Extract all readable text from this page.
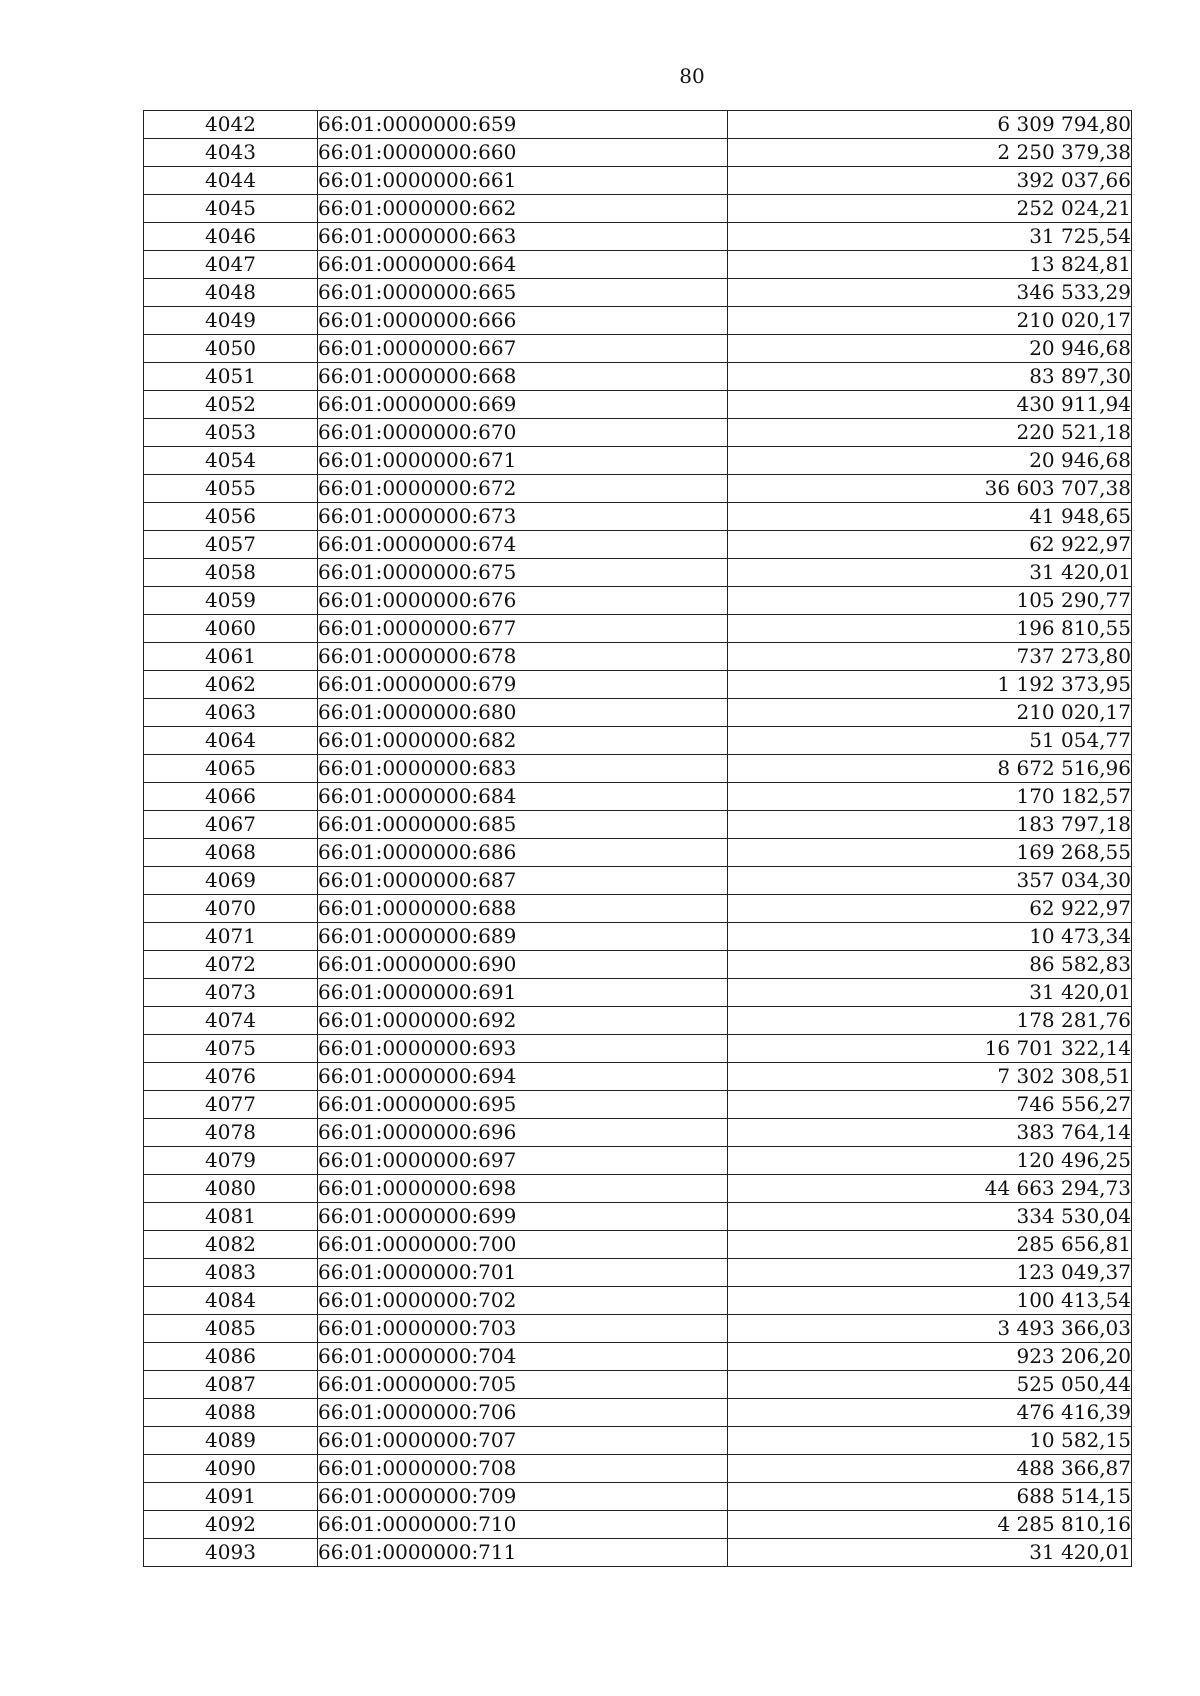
80
4042	66:01:0000000:659	6 309 794,80
4043	66:01:0000000:660	2 250 379,38
4044	66:01:0000000:661	392 037,66
4045	66:01:0000000:662	252 024,21
4046	66:01:0000000:663	31 725,54
4047	66:01:0000000:664	13 824,81
4048	66:01:0000000:665	346 533,29
4049	66:01:0000000:666	210 020,17
4050	66:01:0000000:667	20 946,68
4051	66:01:0000000:668	83 897,30
4052	66:01:0000000:669	430 911,94
4053	66:01:0000000:670	220 521,18
4054	66:01:0000000:671	20 946,68
4055	66:01:0000000:672	36 603 707,38
4056	66:01:0000000:673	41 948,65
4057	66:01:0000000:674	62 922,97
4058	66:01:0000000:675	31 420,01
4059	66:01:0000000:676	105 290,77
4060	66:01:0000000:677	196 810,55
4061	66:01:0000000:678	737 273,80
4062	66:01:0000000:679	1 192 373,95
4063	66:01:0000000:680	210 020,17
4064	66:01:0000000:682	51 054,77
4065	66:01:0000000:683	8 672 516,96
4066	66:01:0000000:684	170 182,57
4067	66:01:0000000:685	183 797,18
4068	66:01:0000000:686	169 268,55
4069	66:01:0000000:687	357 034,30
4070	66:01:0000000:688	62 922,97
4071	66:01:0000000:689	10 473,34
4072	66:01:0000000:690	86 582,83
4073	66:01:0000000:691	31 420,01
4074	66:01:0000000:692	178 281,76
4075	66:01:0000000:693	16 701 322,14
4076	66:01:0000000:694	7 302 308,51
4077	66:01:0000000:695	746 556,27
4078	66:01:0000000:696	383 764,14
4079	66:01:0000000:697	120 496,25
4080	66:01:0000000:698	44 663 294,73
4081	66:01:0000000:699	334 530,04
4082	66:01:0000000:700	285 656,81
4083	66:01:0000000:701	123 049,37
4084	66:01:0000000:702	100 413,54
4085	66:01:0000000:703	3 493 366,03
4086	66:01:0000000:704	923 206,20
4087	66:01:0000000:705	525 050,44
4088	66:01:0000000:706	476 416,39
4089	66:01:0000000:707	10 582,15
4090	66:01:0000000:708	488 366,87
4091	66:01:0000000:709	688 514,15
4092	66:01:0000000:710	4 285 810,16
4093	66:01:0000000:711	31 420,01
